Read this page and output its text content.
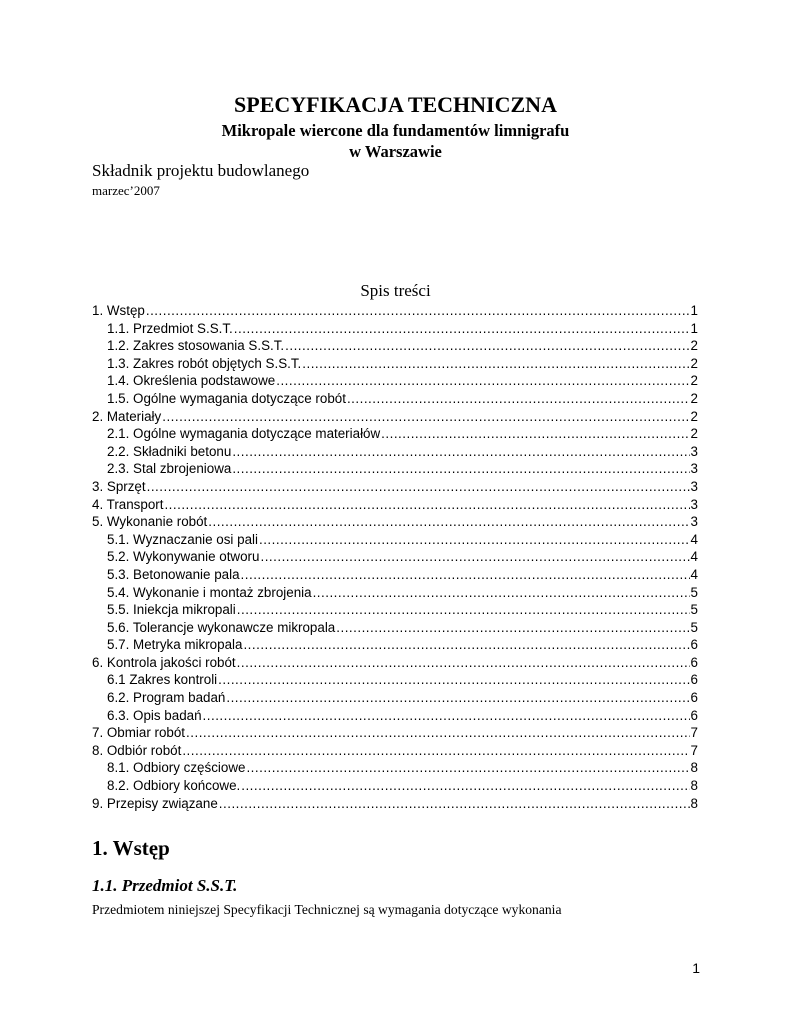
SPECYFIKACJA TECHNICZNA
Mikropale wiercone dla fundamentów limnigrafu
w Warszawie
Składnik projektu budowlanego
marzec’2007
Spis treści
1. Wstęp .....	1
1.1. Przedmiot S.S.T. .....	1
1.2. Zakres stosowania S.S.T. .....	2
1.3. Zakres robót objętych S.S.T. .....	2
1.4. Określenia podstawowe .....	2
1.5. Ogólne wymagania dotyczące robót .....	2
2. Materiały .....	2
2.1. Ogólne wymagania dotyczące materiałów .....	2
2.2. Składniki betonu .....	3
2.3. Stal zbrojeniowa .....	3
3. Sprzęt .....	3
4. Transport .....	3
5. Wykonanie robót .....	3
5.1. Wyznaczanie osi pali .....	4
5.2. Wykonywanie otworu .....	4
5.3. Betonowanie pala .....	4
5.4. Wykonanie i montaż zbrojenia .....	5
5.5. Iniekcja mikropali .....	5
5.6. Tolerancje wykonawcze mikropala .....	5
5.7. Metryka mikropala .....	6
6. Kontrola jakości robót .....	6
6.1 Zakres kontroli .....	6
6.2. Program badań .....	6
6.3. Opis badań .....	6
7. Obmiar robót .....	7
8. Odbiór robót .....	7
8.1. Odbiory częściowe .....	8
8.2. Odbiory końcowe. .....	8
9. Przepisy związane .....	8
1. Wstęp
1.1. Przedmiot S.S.T.
Przedmiotem niniejszej Specyfikacji Technicznej są wymagania dotyczące wykonania
1
